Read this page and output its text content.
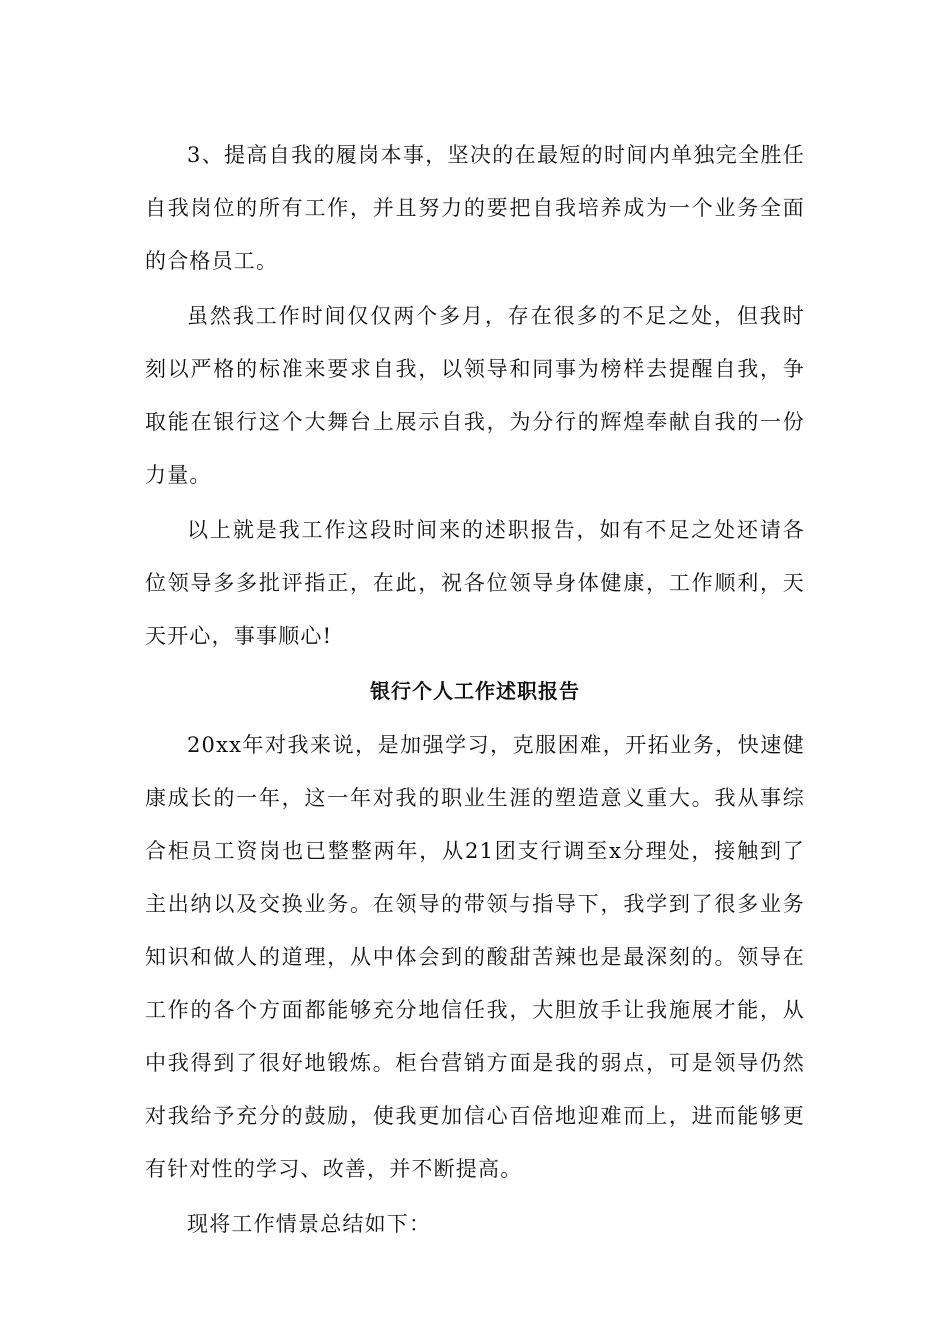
3、提高自我的履岗本事，坚决的在最短的时间内单独完全胜任自我岗位的所有工作，并且努力的要把自我培养成为一个业务全面的合格员工。

虽然我工作时间仅仅两个多月，存在很多的不足之处，但我时刻以严格的标准来要求自我，以领导和同事为榜样去提醒自我，争取能在银行这个大舞台上展示自我，为分行的辉煌奉献自我的一份力量。

以上就是我工作这段时间来的述职报告，如有不足之处还请各位领导多多批评指正，在此，祝各位领导身体健康，工作顺利，天天开心，事事顺心!

银行个人工作述职报告

20xx年对我来说，是加强学习，克服困难，开拓业务，快速健康成长的一年，这一年对我的职业生涯的塑造意义重大。我从事综合柜员工资岗也已整整两年，从21团支行调至x分理处，接触到了主出纳以及交换业务。在领导的带领与指导下，我学到了很多业务知识和做人的道理，从中体会到的酸甜苦辣也是最深刻的。领导在工作的各个方面都能够充分地信任我，大胆放手让我施展才能，从中我得到了很好地锻炼。柜台营销方面是我的弱点，可是领导仍然对我给予充分的鼓励，使我更加信心百倍地迎难而上，进而能够更有针对性的学习、改善，并不断提高。

现将工作情景总结如下：
